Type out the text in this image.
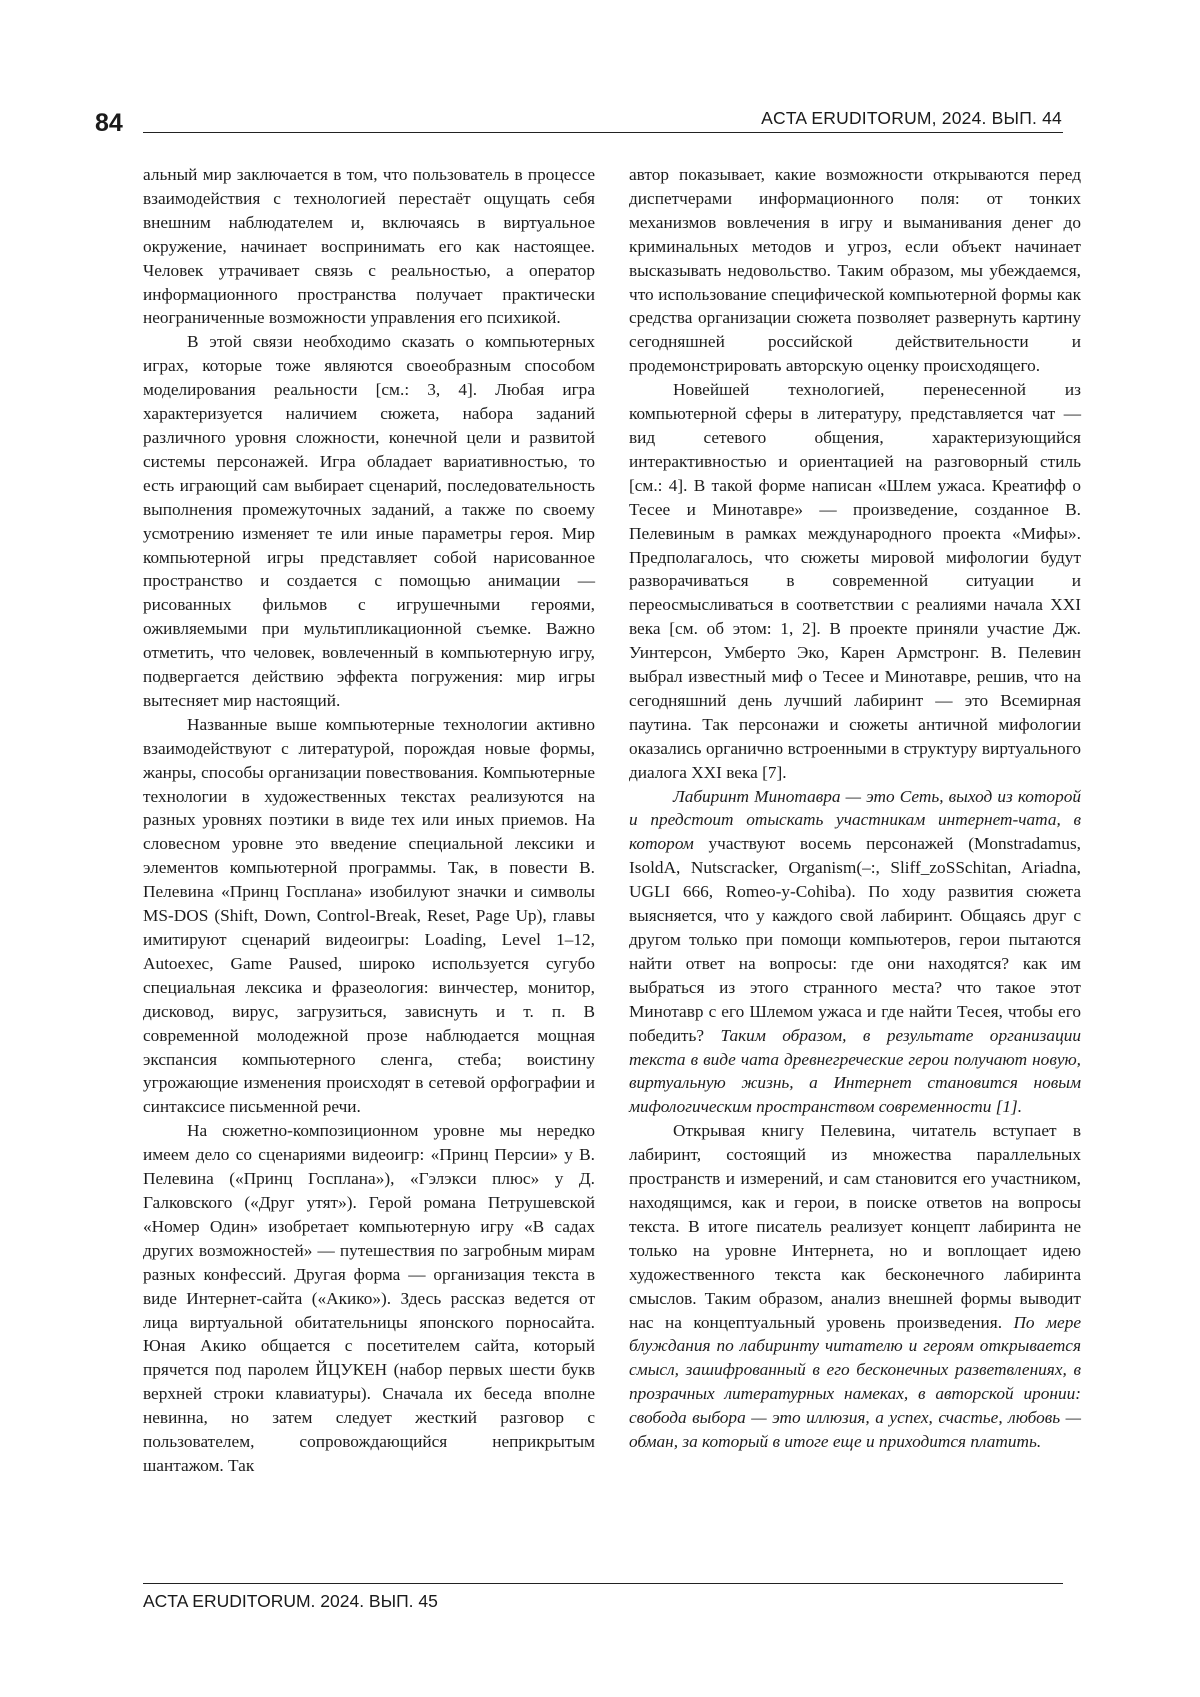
84	ACTA ERUDITORUM, 2024. ВЫП. 44

альный мир заключается в том, что пользователь в процессе взаимодействия с технологией перестаёт ощущать себя внешним наблюдателем и, включаясь в виртуальное окружение, начинает воспринимать его как настоящее. Человек утрачивает связь с реальностью, а оператор информационного пространства получает практически неограниченные возможности управления его психикой.

В этой связи необходимо сказать о компьютерных играх, которые тоже являются своеобразным способом моделирования реальности [см.: 3, 4]. Любая игра характеризуется наличием сюжета, набора заданий различного уровня сложности, конечной цели и развитой системы персонажей. Игра обладает вариативностью, то есть играющий сам выбирает сценарий, последовательность выполнения промежуточных заданий, а также по своему усмотрению изменяет те или иные параметры героя. Мир компьютерной игры представляет собой нарисованное пространство и создается с помощью анимации — рисованных фильмов с игрушечными героями, оживляемыми при мультипликационной съемке. Важно отметить, что человек, вовлеченный в компьютерную игру, подвергается действию эффекта погружения: мир игры вытесняет мир настоящий.

Названные выше компьютерные технологии активно взаимодействуют с литературой, порождая новые формы, жанры, способы организации повествования. Компьютерные технологии в художественных текстах реализуются на разных уровнях поэтики в виде тех или иных приемов. На словесном уровне это введение специальной лексики и элементов компьютерной программы. Так, в повести В. Пелевина «Принц Госплана» изобилуют значки и символы MS-DOS (Shift, Down, Control-Break, Reset, Page Up), главы имитируют сценарий видеоигры: Loading, Level 1–12, Autoexec, Game Paused, широко используется сугубо специальная лексика и фразеология: винчестер, монитор, дисковод, вирус, загрузиться, зависнуть и т. п. В современной молодежной прозе наблюдается мощная экспансия компьютерного сленга, стеба; воистину угрожающие изменения происходят в сетевой орфографии и синтаксисе письменной речи.

На сюжетно-композиционном уровне мы нередко имеем дело со сценариями видеоигр: «Принц Персии» у В. Пелевина («Принц Госплана»), «Гэлэкси плюс» у Д. Галковского («Друг утят»). Герой романа Петрушевской «Номер Один» изобретает компьютерную игру «В садах других возможностей» — путешествия по загробным мирам разных конфессий. Другая форма — организация текста в виде Интернет-сайта («Акико»). Здесь рассказ ведется от лица виртуальной обитательницы японского порносайта. Юная Акико общается с посетителем сайта, который прячется под паролем ЙЦУКЕН (набор первых шести букв верхней строки клавиатуры). Сначала их беседа вполне невинна, но затем следует жесткий разговор с пользователем, сопровождающийся неприкрытым шантажом. Так

автор показывает, какие возможности открываются перед диспетчерами информационного поля: от тонких механизмов вовлечения в игру и выманивания денег до криминальных методов и угроз, если объект начинает высказывать недовольство. Таким образом, мы убеждаемся, что использование специфической компьютерной формы как средства организации сюжета позволяет развернуть картину сегодняшней российской действительности и продемонстрировать авторскую оценку происходящего.

Новейшей технологией, перенесенной из компьютерной сферы в литературу, представляется чат — вид сетевого общения, характеризующийся интерактивностью и ориентацией на разговорный стиль [см.: 4]. В такой форме написан «Шлем ужаса. Креатифф о Тесее и Минотавре» — произведение, созданное В. Пелевиным в рамках международного проекта «Мифы». Предполагалось, что сюжеты мировой мифологии будут разворачиваться в современной ситуации и переосмысливаться в соответствии с реалиями начала XXI века [см. об этом: 1, 2]. В проекте приняли участие Дж. Уинтерсон, Умберто Эко, Карен Армстронг. В. Пелевин выбрал известный миф о Тесее и Минотавре, решив, что на сегодняшний день лучший лабиринт — это Всемирная паутина. Так персонажи и сюжеты античной мифологии оказались органично встроенными в структуру виртуального диалога XXI века [7].

Лабиринт Минотавра — это Сеть, выход из которой и предстоит отыскать участникам интернет-чата, в котором участвуют восемь персонажей (Monstradamus, IsoldA, Nutscracker, Organism(–:, Sliff_zoSSchitan, Ariadna, UGLI 666, Romeo-y-Cohiba). По ходу развития сюжета выясняется, что у каждого свой лабиринт. Общаясь друг с другом только при помощи компьютеров, герои пытаются найти ответ на вопросы: где они находятся? как им выбраться из этого странного места? что такое этот Минотавр с его Шлемом ужаса и где найти Тесея, чтобы его победить? Таким образом, в результате организации текста в виде чата древнегреческие герои получают новую, виртуальную жизнь, а Интернет становится новым мифологическим пространством современности [1].

Открывая книгу Пелевина, читатель вступает в лабиринт, состоящий из множества параллельных пространств и измерений, и сам становится его участником, находящимся, как и герои, в поиске ответов на вопросы текста. В итоге писатель реализует концепт лабиринта не только на уровне Интернета, но и воплощает идею художественного текста как бесконечного лабиринта смыслов. Таким образом, анализ внешней формы выводит нас на концептуальный уровень произведения. По мере блуждания по лабиринту читателю и героям открывается смысл, зашифрованный в его бесконечных разветвлениях, в прозрачных литературных намеках, в авторской иронии: свобода выбора — это иллюзия, а успех, счастье, любовь — обман, за который в итоге еще и приходится платить.

ACTA ERUDITORUM. 2024. ВЫП. 45
